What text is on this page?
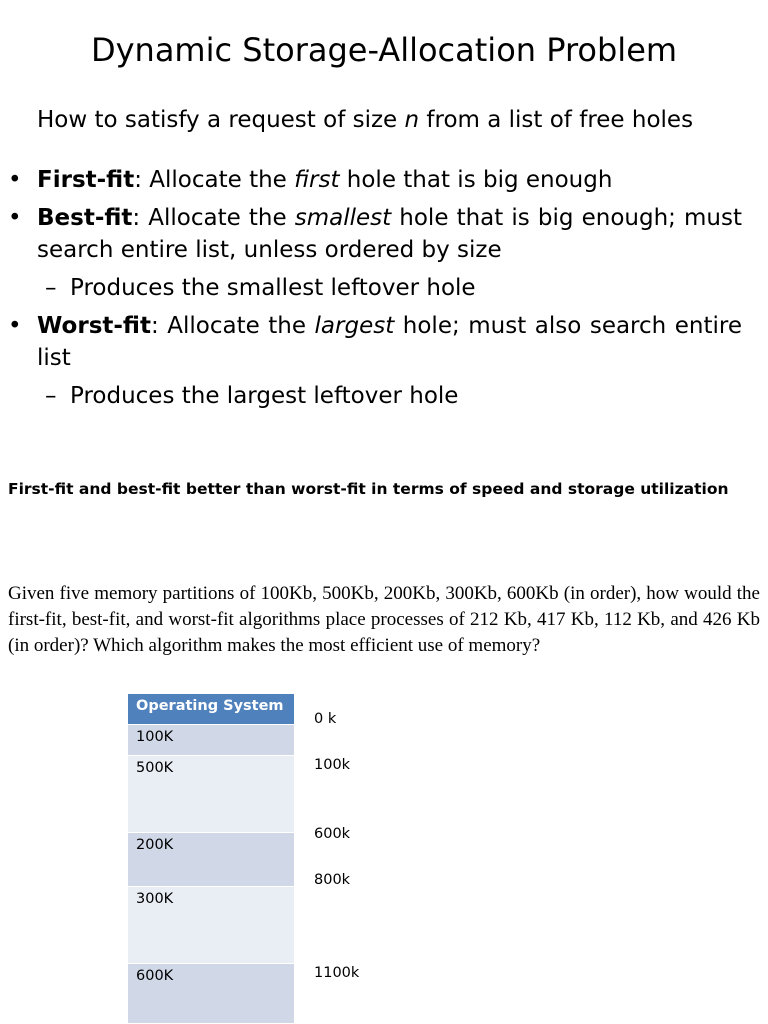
Dynamic Storage-Allocation Problem
How to satisfy a request of size n from a list of free holes
• First-fit: Allocate the first hole that is big enough
• Best-fit: Allocate the smallest hole that is big enough; must search entire list, unless ordered by size
– Produces the smallest leftover hole
• Worst-fit: Allocate the largest hole; must also search entire list
– Produces the largest leftover hole
First-fit and best-fit better than worst-fit in terms of speed and storage utilization
Given five memory partitions of 100Kb, 500Kb, 200Kb, 300Kb, 600Kb (in order), how would the first-fit, best-fit, and worst-fit algorithms place processes of 212 Kb, 417 Kb, 112 Kb, and 426 Kb (in order)? Which algorithm makes the most efficient use of memory?
Operating System
100K
500K
200K
300K
600K
0 k
100k
600k
800k
1100k
